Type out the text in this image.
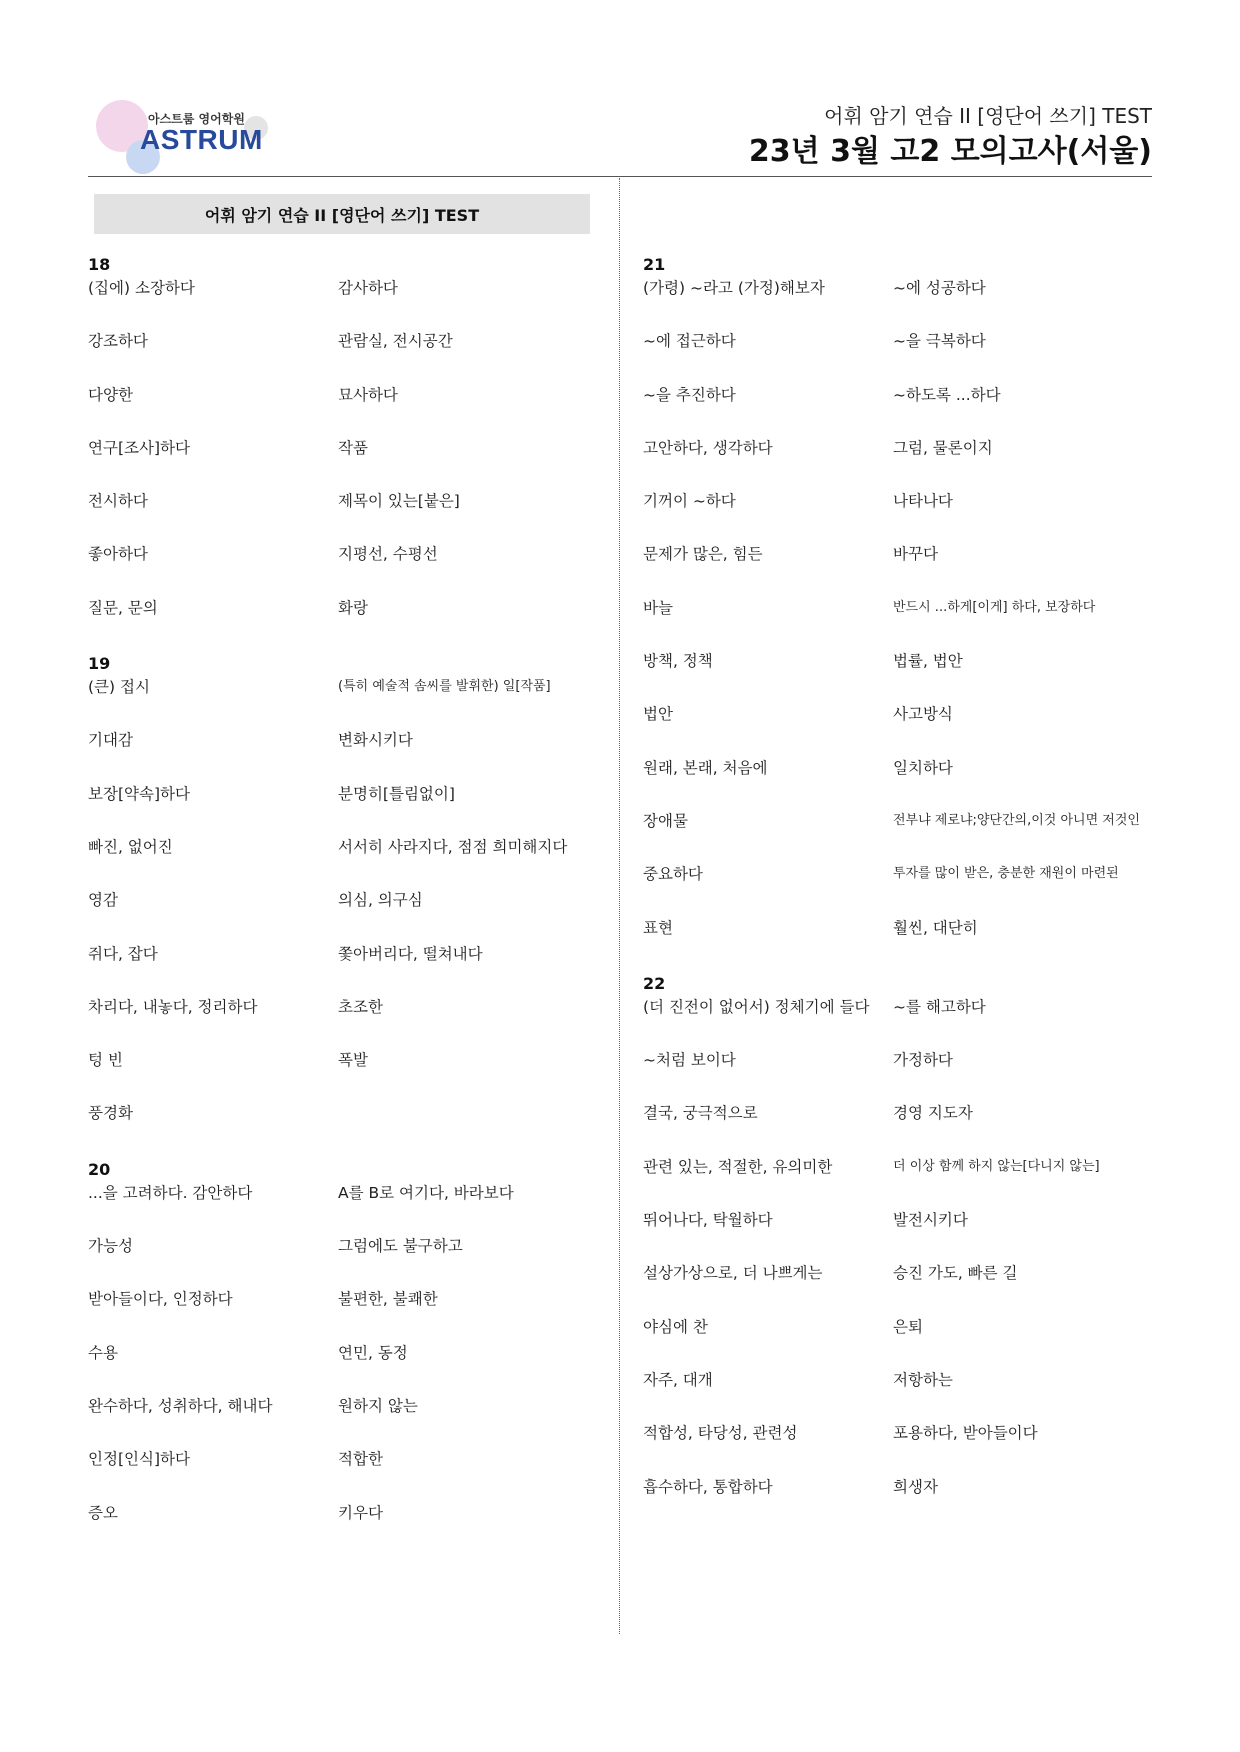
아스트룸 영어학원
ASTRUM
어휘 암기 연습 II [영단어 쓰기] TEST
23년 3월 고2 모의고사(서울)
어휘 암기 연습 II [영단어 쓰기] TEST
18
(집에) 소장하다	감사하다
강조하다	관람실, 전시공간
다양한	묘사하다
연구[조사]하다	작품
전시하다	제목이 있는[붙은]
좋아하다	지평선, 수평선
질문, 문의	화랑
19
(큰) 접시	(특히 예술적 솜씨를 발휘한) 일[작품]
기대감	변화시키다
보장[약속]하다	분명히[틀림없이]
빠진, 없어진	서서히 사라지다, 점점 희미해지다
영감	의심, 의구심
쥐다, 잡다	쫓아버리다, 떨쳐내다
차리다, 내놓다, 정리하다	초조한
텅 빈	폭발
풍경화
20
...을 고려하다. 감안하다	A를 B로 여기다, 바라보다
가능성	그럼에도 불구하고
받아들이다, 인정하다	불편한, 불쾌한
수용	연민, 동정
완수하다, 성취하다, 해내다	원하지 않는
인정[인식]하다	적합한
증오	키우다
21
(가령) ~라고 (가정)해보자	~에 성공하다
~에 접근하다	~을 극복하다
~을 추진하다	~하도록 ...하다
고안하다, 생각하다	그럼, 물론이지
기꺼이 ~하다	나타나다
문제가 많은, 힘든	바꾸다
바늘	반드시 ...하게[이게] 하다, 보장하다
방책, 정책	법률, 법안
법안	사고방식
원래, 본래, 처음에	일치하다
장애물	전부냐 제로냐;양단간의,이것 아니면 저것인
중요하다	투자를 많이 받은, 충분한 재원이 마련된
표현	훨씬, 대단히
22
(더 진전이 없어서) 정체기에 들다	~를 해고하다
~처럼 보이다	가정하다
결국, 궁극적으로	경영 지도자
관련 있는, 적절한, 유의미한	더 이상 함께 하지 않는[다니지 않는]
뛰어나다, 탁월하다	발전시키다
설상가상으로, 더 나쁘게는	승진 가도, 빠른 길
야심에 찬	은퇴
자주, 대개	저항하는
적합성, 타당성, 관련성	포용하다, 받아들이다
흡수하다, 통합하다	희생자
